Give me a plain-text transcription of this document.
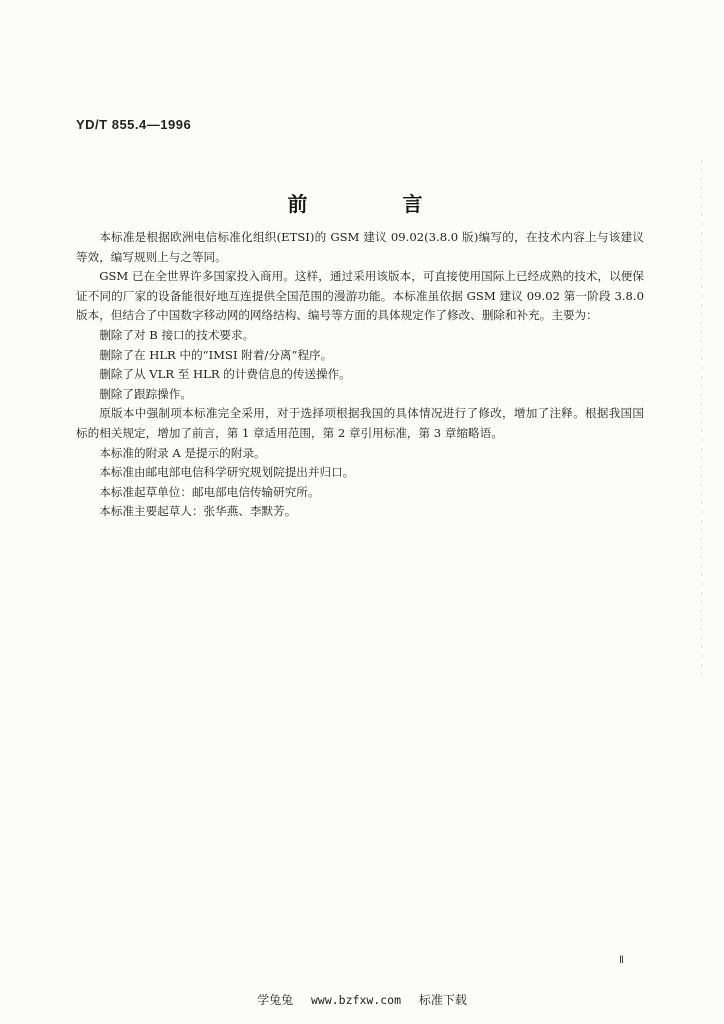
YD/T 855.4—1996
前 言

本标准是根据欧洲电信标准化组织(ETSI)的 GSM 建议 09.02(3.8.0 版)编写的，在技术内容上与该建议等效，编写规则上与之等同。

GSM 已在全世界许多国家投入商用。这样，通过采用该版本，可直接使用国际上已经成熟的技术，以便保证不同的厂家的设备能很好地互连提供全国范围的漫游功能。本标准虽依据 GSM 建议 09.02 第一阶段 3.8.0 版本，但结合了中国数字移动网的网络结构、编号等方面的具体规定作了修改、删除和补充。主要为：

删除了对 B 接口的技术要求。

删除了在 HLR 中的“IMSI 附着/分离”程序。

删除了从 VLR 至 HLR 的计费信息的传送操作。

删除了跟踪操作。

原版本中强制项本标准完全采用，对于选择项根据我国的具体情况进行了修改，增加了注释。根据我国国标的相关规定，增加了前言，第 1 章适用范围，第 2 章引用标准，第 3 章缩略语。

本标准的附录 A 是提示的附录。

本标准由邮电部电信科学研究规划院提出并归口。

本标准起草单位：邮电部电信传输研究所。

本标准主要起草人：张华燕、李默芳。

Ⅱ
学兔兔 www.bzfxw.com 标准下载
